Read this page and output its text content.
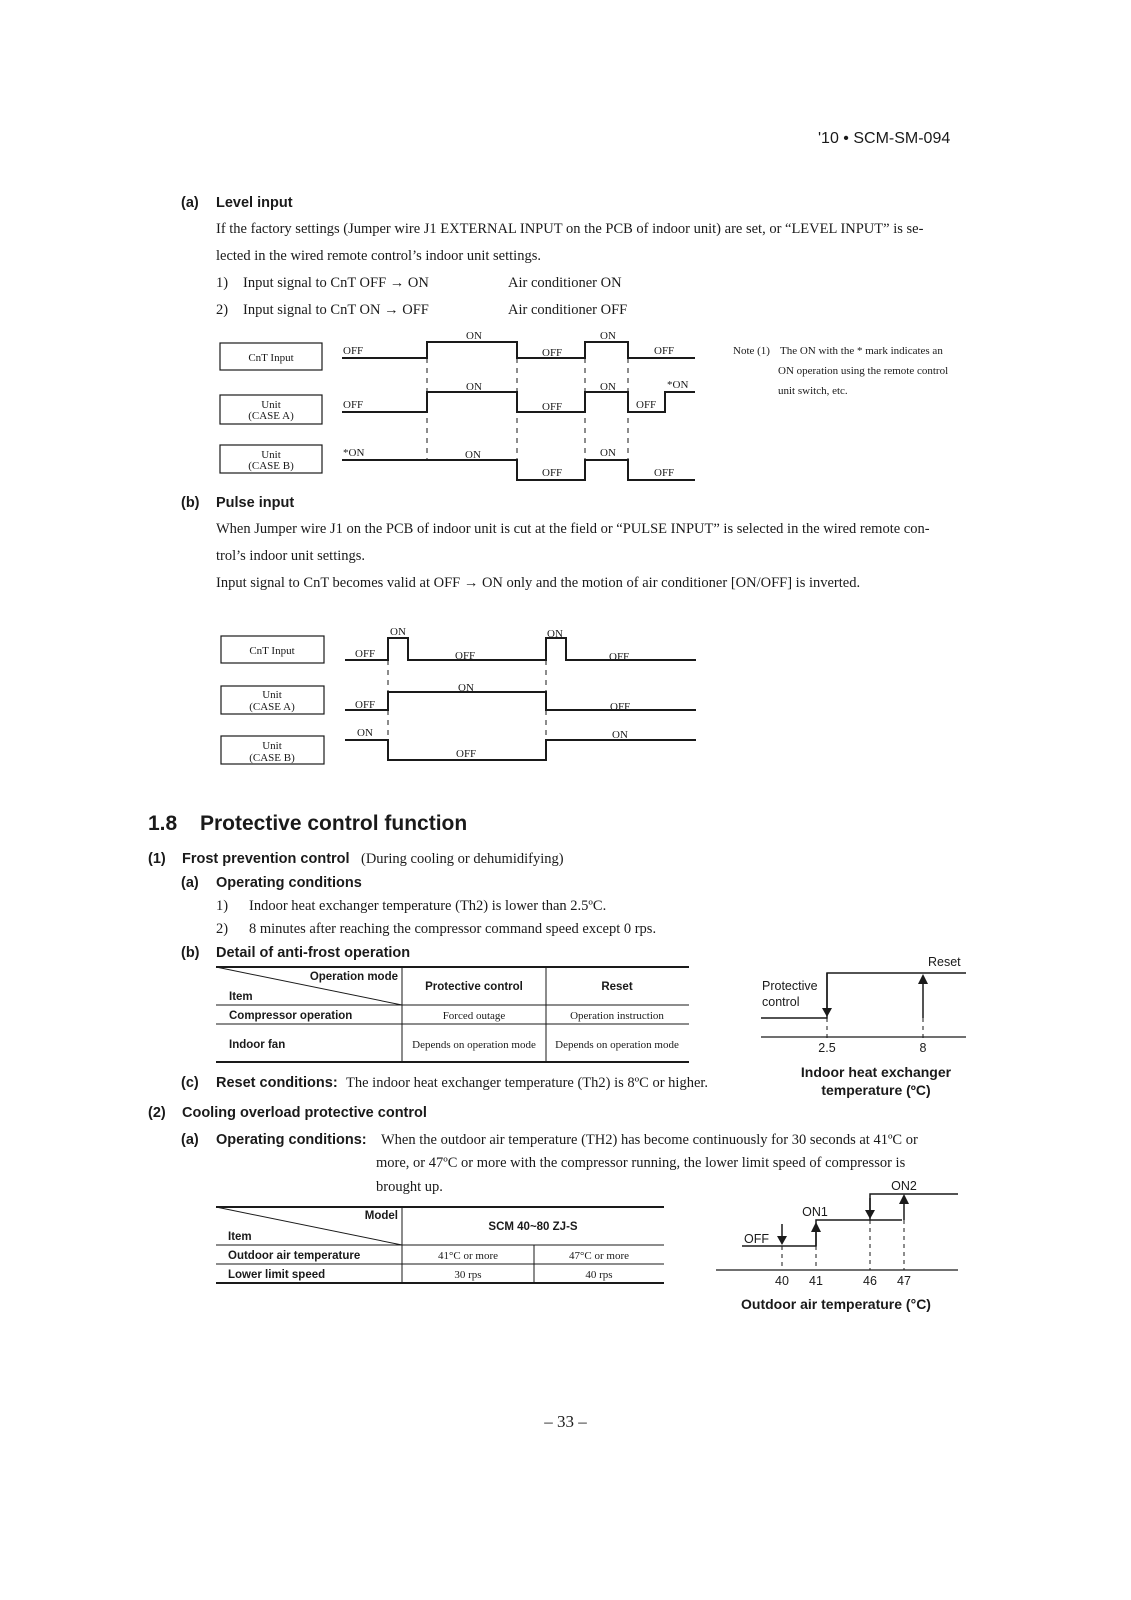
'10 • SCM-SM-094
(a) Level input
If the factory settings (Jumper wire J1 EXTERNAL INPUT on the PCB of indoor unit) are set, or “LEVEL INPUT” is se-
lected in the wired remote control’s indoor unit settings.
1) Input signal to CnT OFF → ON	Air conditioner ON
2) Input signal to CnT ON → OFF	Air conditioner OFF
CnT Input
Unit
(CASE A)
Unit
(CASE B)
OFF
ON
OFF
ON
OFF
OFF
ON
OFF
ON
OFF
*ON
*ON	ON
OFF
ON
OFF
Note (1) The ON with the * mark indicates an
ON operation using the remote control
unit switch, etc.
(b) Pulse input
When Jumper wire J1 on the PCB of indoor unit is cut at the field or “PULSE INPUT” is selected in the wired remote con-
trol’s indoor unit settings.
Input signal to CnT becomes valid at OFF → ON only and the motion of air conditioner [ON/OFF] is inverted.
CnT Input
Unit
(CASE A)
Unit
(CASE B)
OFF
ON
OFF
ON
OFF
OFF
ON
OFF
ON
OFF
ON
1.8 Protective control function
(1) Frost prevention control (During cooling or dehumidifying)
(a) Operating conditions
1) Indoor heat exchanger temperature (Th2) is lower than 2.5ºC.
2) 8 minutes after reaching the compressor command speed except 0 rps.
(b) Detail of anti-frost operation
Operation mode
Item
Protective control	Reset
Compressor operation	Forced outage	Operation instruction
Indoor fan	Depends on operation mode Depends on operation mode
Reset
Protective
control
2.5	8
Indoor heat exchanger
temperature (ºC)
(c) Reset conditions: The indoor heat exchanger temperature (Th2) is 8ºC or higher.
(2) Cooling overload protective control
(a) Operating conditions: When the outdoor air temperature (TH2) has become continuously for 30 seconds at 41ºC or
more, or 47ºC or more with the compressor running, the lower limit speed of compressor is
brought up.
Model
Item
SCM 40~80 ZJ-S
Outdoor air temperature	41°C or more	47°C or more
Lower limit speed	30 rps	40 rps
OFF
ON1
ON2
40 41	46 47
Outdoor air temperature (°C)
– 33 –
